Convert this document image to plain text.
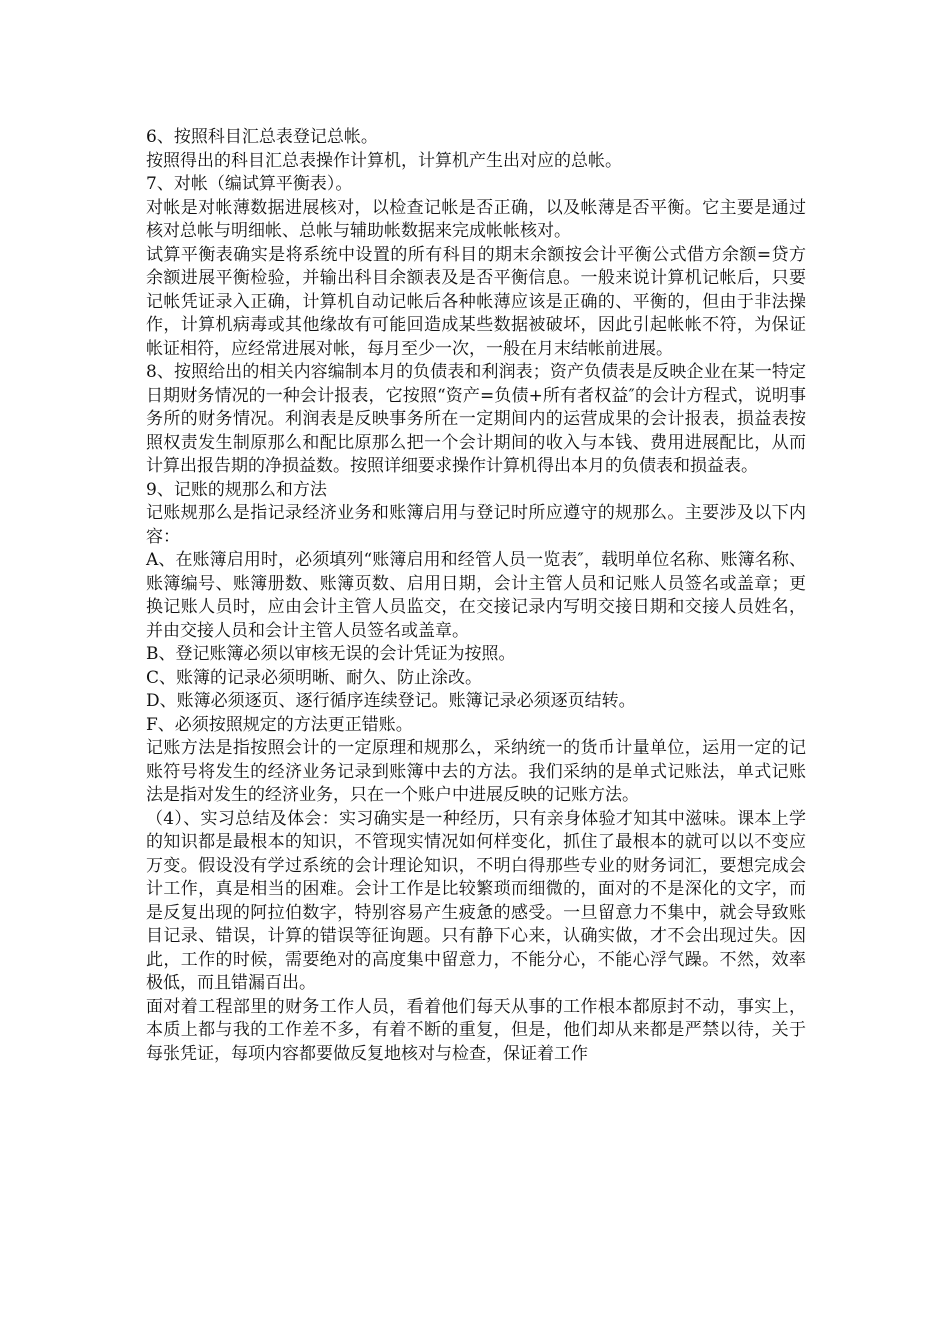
6、按照科目汇总表登记总帐。

按照得出的科目汇总表操作计算机，计算机产生出对应的总帐。

7、对帐（编试算平衡表）。

对帐是对帐薄数据进展核对，以检查记帐是否正确，以及帐薄是否平衡。它主要是通过核对总帐与明细帐、总帐与辅助帐数据来完成帐帐核对。

试算平衡表确实是将系统中设置的所有科目的期末余额按会计平衡公式借方余额=贷方余额进展平衡检验，并输出科目余额表及是否平衡信息。一般来说计算机记帐后，只要记帐凭证录入正确，计算机自动记帐后各种帐薄应该是正确的、平衡的，但由于非法操作，计算机病毒或其他缘故有可能回造成某些数据被破坏，因此引起帐帐不符，为保证帐证相符，应经常进展对帐，每月至少一次，一般在月末结帐前进展。

8、按照给出的相关内容编制本月的负债表和利润表；资产负债表是反映企业在某一特定日期财务情况的一种会计报表，它按照“资产=负债+所有者权益″的会计方程式，说明事务所的财务情况。利润表是反映事务所在一定期间内的运营成果的会计报表，损益表按照权责发生制原那么和配比原那么把一个会计期间的收入与本钱、费用进展配比，从而计算出报告期的净损益数。按照详细要求操作计算机得出本月的负债表和损益表。

9、记账的规那么和方法

记账规那么是指记录经济业务和账簿启用与登记时所应遵守的规那么。主要涉及以下内容：

A、在账簿启用时，必须填列“账簿启用和经管人员一览表″，载明单位名称、账簿名称、账簿编号、账簿册数、账簿页数、启用日期，会计主管人员和记账人员签名或盖章；更换记账人员时，应由会计主管人员监交，在交接记录内写明交接日期和交接人员姓名，并由交接人员和会计主管人员签名或盖章。

B、登记账簿必须以审核无误的会计凭证为按照。

C、账簿的记录必须明晰、耐久、防止涂改。

D、账簿必须逐页、逐行循序连续登记。账簿记录必须逐页结转。

F、必须按照规定的方法更正错账。

记账方法是指按照会计的一定原理和规那么，采纳统一的货币计量单位，运用一定的记账符号将发生的经济业务记录到账簿中去的方法。我们采纳的是单式记账法，单式记账法是指对发生的经济业务，只在一个账户中进展反映的记账方法。

（4）、实习总结及体会：实习确实是一种经历，只有亲身体验才知其中滋味。课本上学的知识都是最根本的知识，不管现实情况如何样变化，抓住了最根本的就可以以不变应万变。假设没有学过系统的会计理论知识，不明白得那些专业的财务词汇，要想完成会计工作，真是相当的困难。会计工作是比较繁琐而细微的，面对的不是深化的文字，而是反复出现的阿拉伯数字，特别容易产生疲惫的感受。一旦留意力不集中，就会导致账目记录、错误，计算的错误等征询题。只有静下心来，认确实做，才不会出现过失。因此，工作的时候，需要绝对的高度集中留意力，不能分心，不能心浮气躁。不然，效率极低，而且错漏百出。

面对着工程部里的财务工作人员，看着他们每天从事的工作根本都原封不动，事实上，本质上都与我的工作差不多，有着不断的重复，但是，他们却从来都是严禁以待，关于每张凭证，每项内容都要做反复地核对与检查，保证着工作
